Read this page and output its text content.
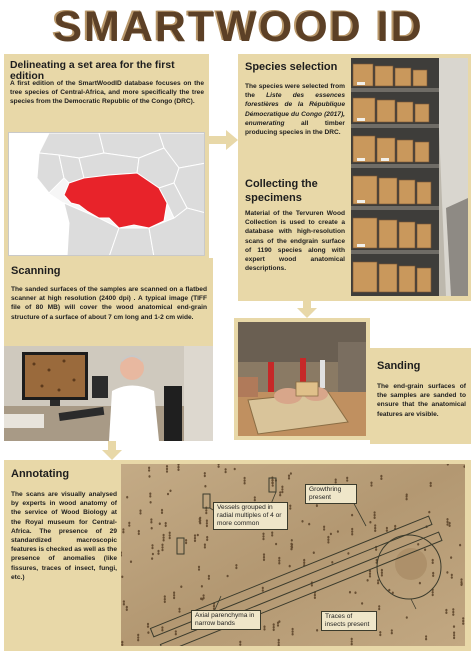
SMARTWOOD ID
Delineating a set area for the first edition
A first edition of the SmartWoodID database focuses on the tree species of Central-Africa, and more specifically the tree species from the Democratic Republic of the Congo (DRC).
Species selection
The species were selected from the Liste des essences forestières de la République Démocratique du Congo (2017), enumerating all timber producing species in the DRC.
Collecting the specimens
Material of the Tervuren Wood Collection is used to create a database with high-resolution scans of the endgrain surface of 1190 species along with expert wood anatomical descriptions.
Scanning
The sanded surfaces of the samples are scanned on a flatbed scanner at high resolution (2400 dpi) . A typical image (TIFF file of 80 MB) will cover the wood anatomical end-grain structure of a surface of about 7 cm long and 1-2 cm wide.
Sanding
The end-grain surfaces of the samples are sanded to ensure that the anatomical features are visible.
Annotating
The scans are visually analysed by experts in wood anatomy of the service of Wood Biology at the Royal museum for Central-Africa. The presence of 29 standardized macroscopic features is checked as well as the presence of anomalies (like fissures, traces of insect, fungi, etc.)
Vessels grouped in radial multiples of 4 or more common
Growthring present
Axial parenchyma in narrow bands
Traces of insects present
